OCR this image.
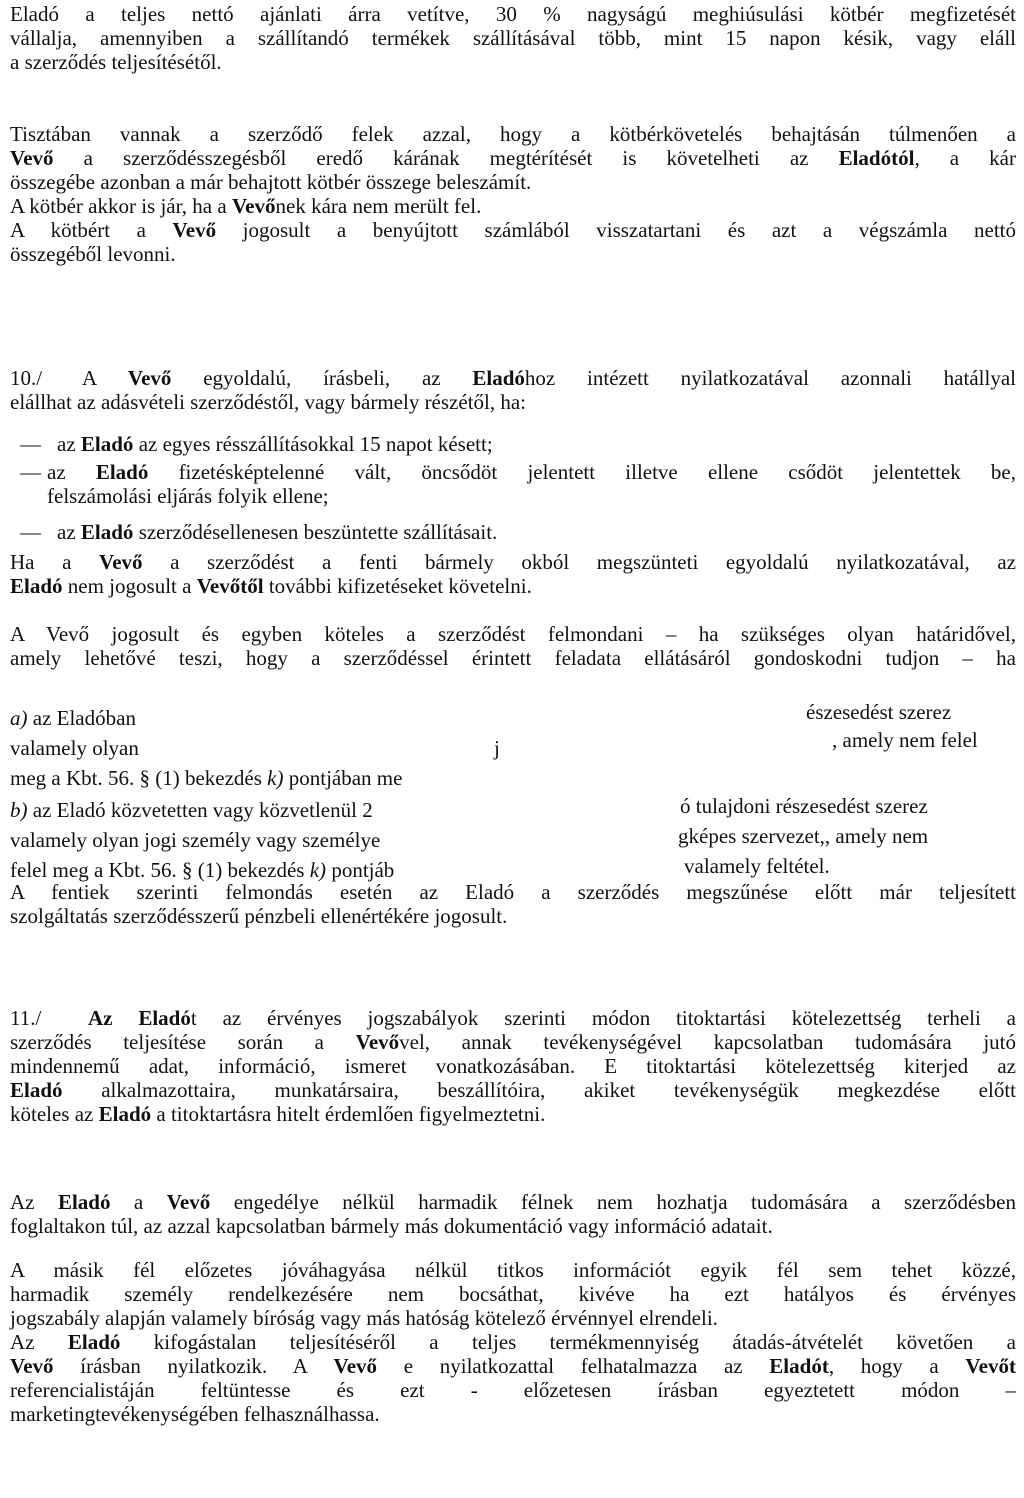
Eladó a teljes nettó ajánlati árra vetítve, 30 % nagyságú meghiúsulási kötbér megfizetését
vállalja, amennyiben a szállítandó termékek szállításával több, mint 15 napon késik, vagy eláll
a szerződés teljesítésétől.
Tisztában vannak a szerződő felek azzal, hogy a kötbérkövetelés behajtásán túlmenően a
Vevő a szerződésszegésből eredő kárának megtérítését is követelheti az Eladótól, a kár
összegébe azonban a már behajtott kötbér összege beleszámít.
A kötbér akkor is jár, ha a Vevőnek kára nem merült fel.
A kötbért a Vevő jogosult a benyújtott számlából visszatartani és azt a végszámla nettó
összegéből levonni.
10./ A Vevő egyoldalú, írásbeli, az Eladóhoz intézett nyilatkozatával azonnali hatállyal
elállhat az adásvételi szerződéstől, vagy bármely részétől, ha:
— az Eladó az egyes résszállításokkal 15 napot késett;
— az Eladó fizetésképtelenné vált, öncsődöt jelentett illetve ellene csődöt jelentettek be,
felszámolási eljárás folyik ellene;
— az Eladó szerződésellenesen beszüntette szállításait.
Ha a Vevő a szerződést a fenti bármely okból megszünteti egyoldalú nyilatkozatával, az
Eladó nem jogosult a Vevőtől további kifizetéseket követelni.
A Vevő jogosult és egyben köteles a szerződést felmondani – ha szükséges olyan határidővel,
amely lehetővé teszi, hogy a szerződéssel érintett feladata ellátásáról gondoskodni tudjon – ha
a) az Eladóban	észesedést szerez
valamely olyan	j	, amely nem felel
meg a Kbt. 56. § (1) bekezdés k) pontjában me
b) az Eladó közvetetten vagy közvetlenül 2	ó tulajdoni részesedést szerez
valamely olyan jogi személy vagy személye	gképes szervezet,, amely nem
felel meg a Kbt. 56. § (1) bekezdés k) pontjáb	valamely feltétel.
A fentiek szerinti felmondás esetén az Eladó a szerződés megszűnése előtt már teljesített
szolgáltatás szerződésszerű pénzbeli ellenértékére jogosult.
11./ Az Eladót az érvényes jogszabályok szerinti módon titoktartási kötelezettség terheli a
szerződés teljesítése során a Vevővel, annak tevékenységével kapcsolatban tudomására jutó
mindennemű adat, információ, ismeret vonatkozásában. E titoktartási kötelezettség kiterjed az
Eladó alkalmazottaira, munkatársaira, beszállítóira, akiket tevékenységük megkezdése előtt
köteles az Eladó a titoktartásra hitelt érdemlően figyelmeztetni.
Az Eladó a Vevő engedélye nélkül harmadik félnek nem hozhatja tudomására a szerződésben
foglaltakon túl, az azzal kapcsolatban bármely más dokumentáció vagy információ adatait.
A másik fél előzetes jóváhagyása nélkül titkos információt egyik fél sem tehet közzé,
harmadik személy rendelkezésére nem bocsáthat, kivéve ha ezt hatályos és érvényes
jogszabály alapján valamely bíróság vagy más hatóság kötelező érvénnyel elrendeli.
Az Eladó kifogástalan teljesítéséről a teljes termékmennyiség átadás-átvételét követően a
Vevő írásban nyilatkozik. A Vevő e nyilatkozattal felhatalmazza az Eladót, hogy a Vevőt
referencialistáján feltüntesse és ezt - előzetesen írásban egyeztetett módon –
marketingtevékenységében felhasználhassa.
